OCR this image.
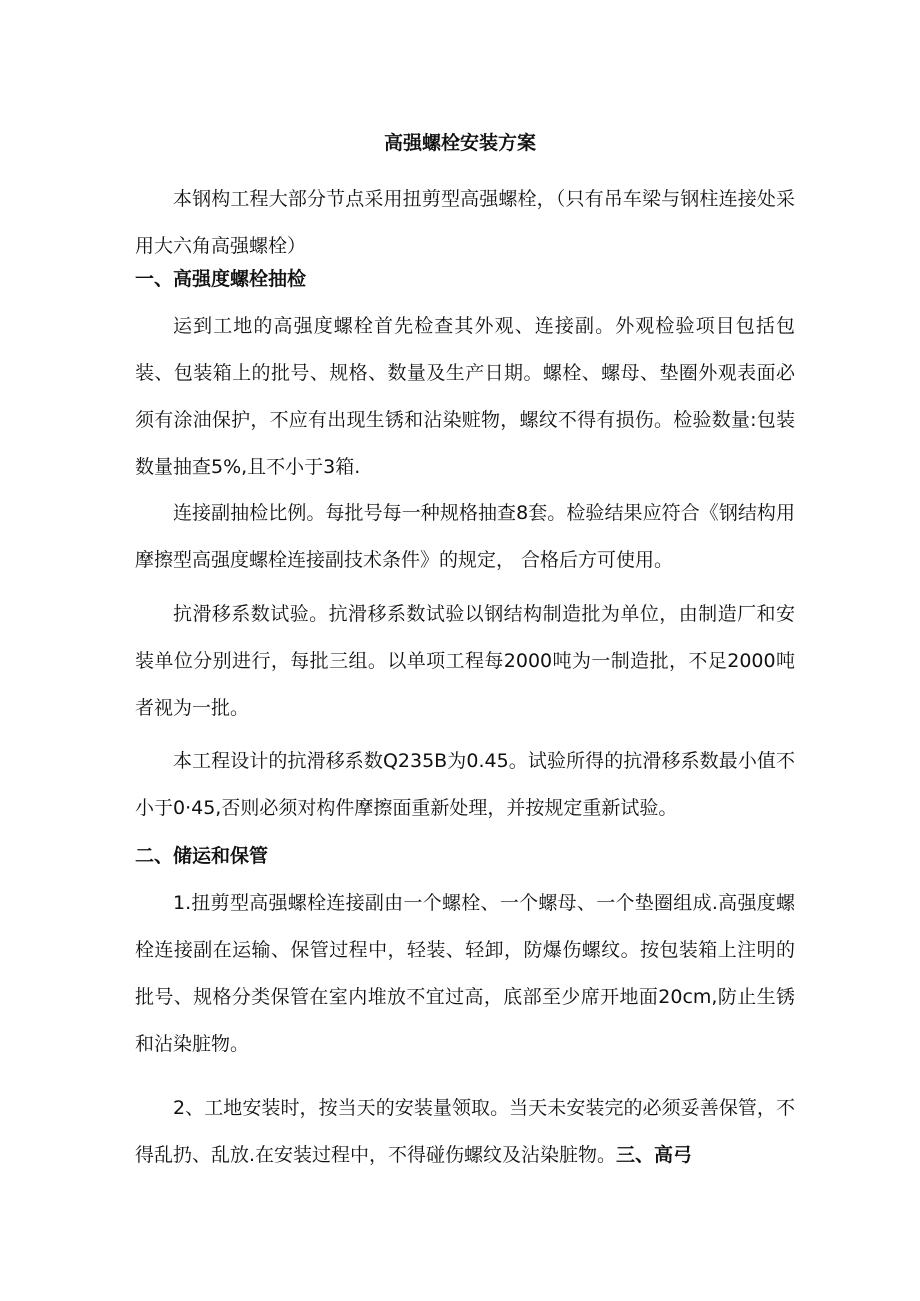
高强螺栓安装方案
本钢构工程大部分节点采用扭剪型高强螺栓，（只有吊车梁与钢柱连接处采用大六角高强螺栓）
一、高强度螺栓抽检
运到工地的高强度螺栓首先检查其外观、连接副。外观检验项目包括包装、包装箱上的批号、规格、数量及生产日期。螺栓、螺母、垫圈外观表面必须有涂油保护，不应有出现生锈和沾染赃物，螺纹不得有损伤。检验数量:包装数量抽查5%,且不小于3箱.
连接副抽检比例。每批号每一种规格抽查8套。检验结果应符合《钢结构用摩擦型高强度螺栓连接副技术条件》的规定， 合格后方可使用。
抗滑移系数试验。抗滑移系数试验以钢结构制造批为单位，由制造厂和安装单位分别进行，每批三组。以单项工程每2000吨为一制造批，不足2000吨者视为一批。
本工程设计的抗滑移系数Q235B为0.45。试验所得的抗滑移系数最小值不小于0·45,否则必须对构件摩擦面重新处理，并按规定重新试验。
二、储运和保管
1.扭剪型高强螺栓连接副由一个螺栓、一个螺母、一个垫圈组成.高强度螺栓连接副在运输、保管过程中，轻装、轻卸，防爆伤螺纹。按包装箱上注明的批号、规格分类保管在室内堆放不宜过高，底部至少席开地面20cm,防止生锈和沾染脏物。
2、工地安装时，按当天的安装量领取。当天未安装完的必须妥善保管，不得乱扔、乱放.在安装过程中，不得碰伤螺纹及沾染脏物。三、高弓
